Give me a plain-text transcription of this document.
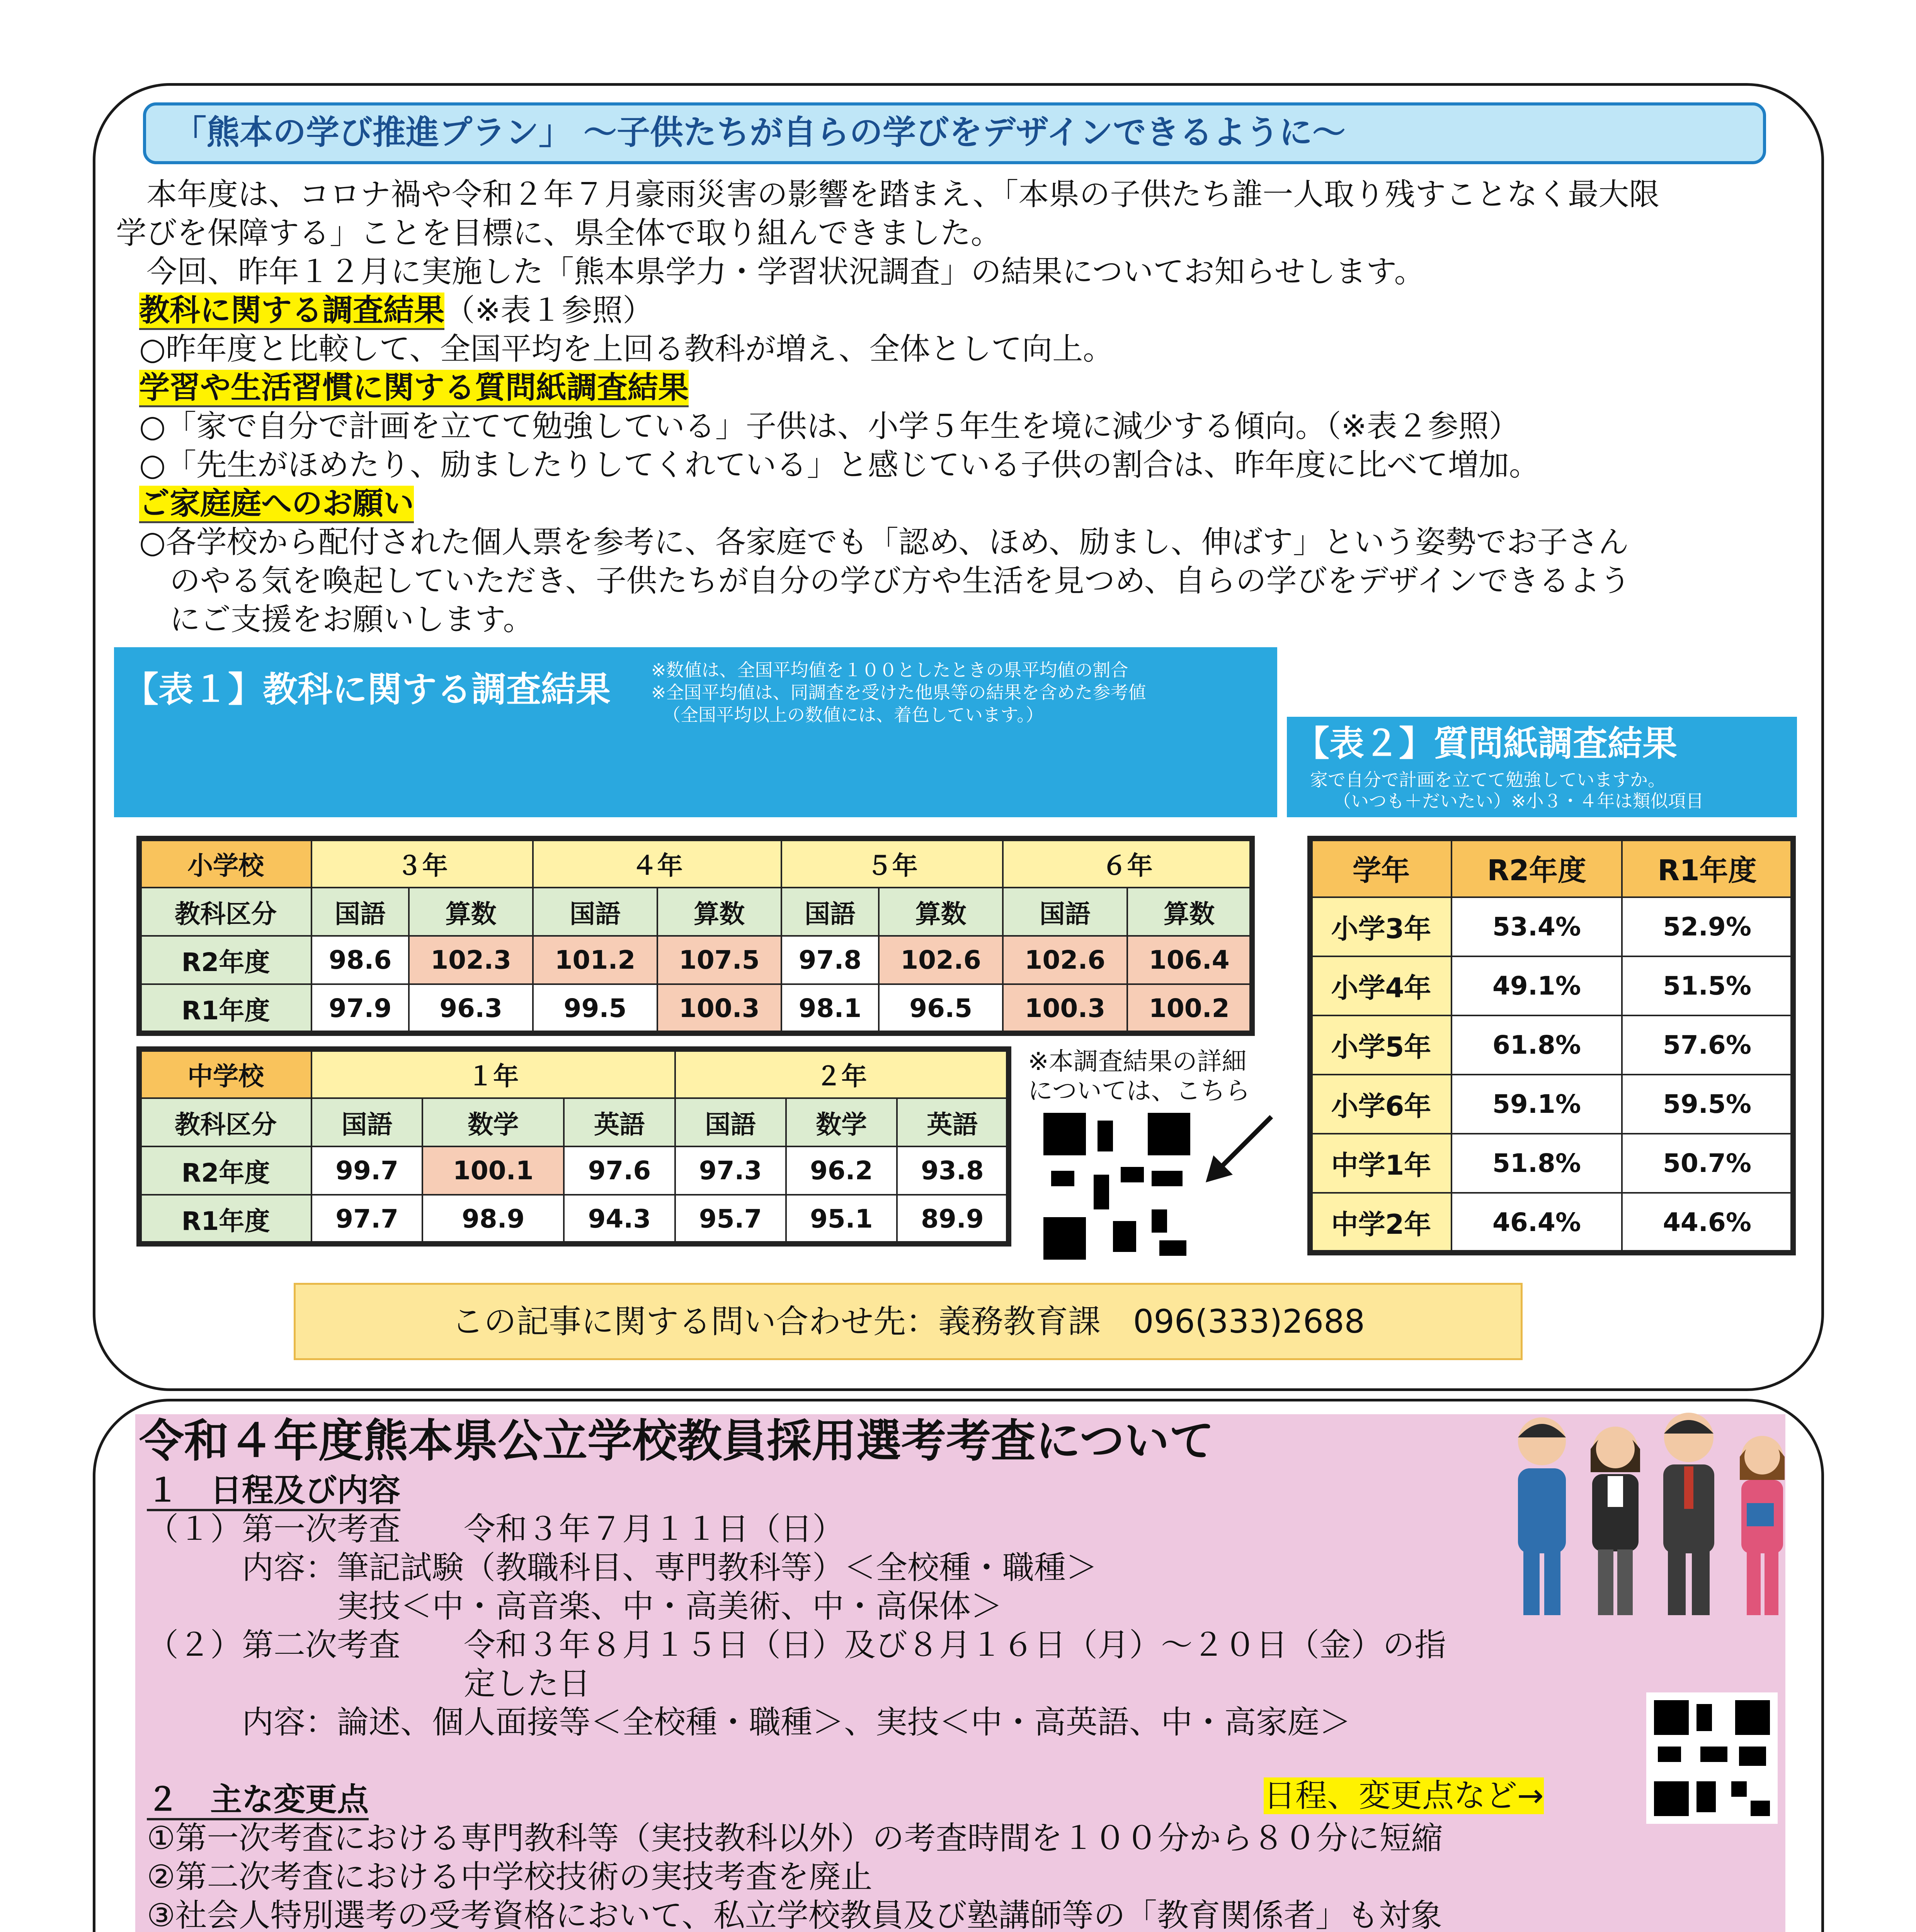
「熊本の学び推進プラン」 〜子供たちが自らの学びをデザインできるように〜
　本年度は、コロナ禍や令和２年７月豪雨災害の影響を踏まえ、「本県の子供たち誰一人取り残すことなく最大限
学びを保障する」ことを目標に、県全体で取り組んできました。
　今回、昨年１２月に実施した「熊本県学力・学習状況調査」の結果についてお知らせします。
教科に関する調査結果（※表１参照）
○昨年度と比較して、全国平均を上回る教科が増え、全体として向上。
学習や生活習慣に関する質問紙調査結果
○「家で自分で計画を立てて勉強している」子供は、小学５年生を境に減少する傾向。（※表２参照）
○「先生がほめたり、励ましたりしてくれている」と感じている子供の割合は、昨年度に比べて増加。
ご家庭庭へのお願い
○各学校から配付された個人票を参考に、各家庭でも「認め、ほめ、励まし、伸ばす」という姿勢でお子さん
　のやる気を喚起していただき、子供たちが自分の学び方や生活を見つめ、自らの学びをデザインできるよう
　にご支援をお願いします。
【表１】教科に関する調査結果 ※数値は、全国平均値を１００としたときの県平均値の割合
※全国平均値は、同調査を受けた他県等の結果を含めた参考値
（全国平均以上の数値には、着色しています。）
小学校	３年		４年		５年		６年	
教科区分	国語	算数	国語	算数	国語	算数	国語	算数
R2年度	98.6	102.3	101.2	107.5	97.8	102.6	102.6	106.4
R1年度	97.9	96.3	99.5	100.3	98.1	96.5	100.3	100.2
中学校	１年			２年		
教科区分	国語	数学	英語	国語	数学	英語
R2年度	99.7	100.1	97.6	97.3	96.2	93.8
R1年度	97.7	98.9	94.3	95.7	95.1	89.9
※本調査結果の詳細
については、こちら
【表２】質問紙調査結果
家で自分で計画を立てて勉強していますか。
（いつも＋だいたい）※小３・４年は類似項目
学年	R2年度	R1年度
小学3年	53.4%	52.9%
小学4年	49.1%	51.5%
小学5年	61.8%	57.6%
小学6年	59.1%	59.5%
中学1年	51.8%	50.7%
中学2年	46.4%	44.6%
この記事に関する問い合わせ先：義務教育課　096(333)2688
令和４年度熊本県公立学校教員採用選考考査について
１　日程及び内容
（１）第一次考査　　令和３年７月１１日（日）
　　　内容：筆記試験（教職科目、専門教科等）＜全校種・職種＞
　　　　　　実技＜中・高音楽、中・高美術、中・高保体＞
（２）第二次考査　　令和３年８月１５日（日）及び８月１６日（月）〜２０日（金）の指
　　　　　　　　　　定した日
　　　内容：論述、個人面接等＜全校種・職種＞、実技＜中・高英語、中・高家庭＞
日程、変更点など→
２　主な変更点
①第一次考査における専門教科等（実技教科以外）の考査時間を１００分から８０分に短縮
②第二次考査における中学校技術の実技考査を廃止
③社会人特別選考の受考資格において、私立学校教員及び塾講師等の「教育関係者」も対象
